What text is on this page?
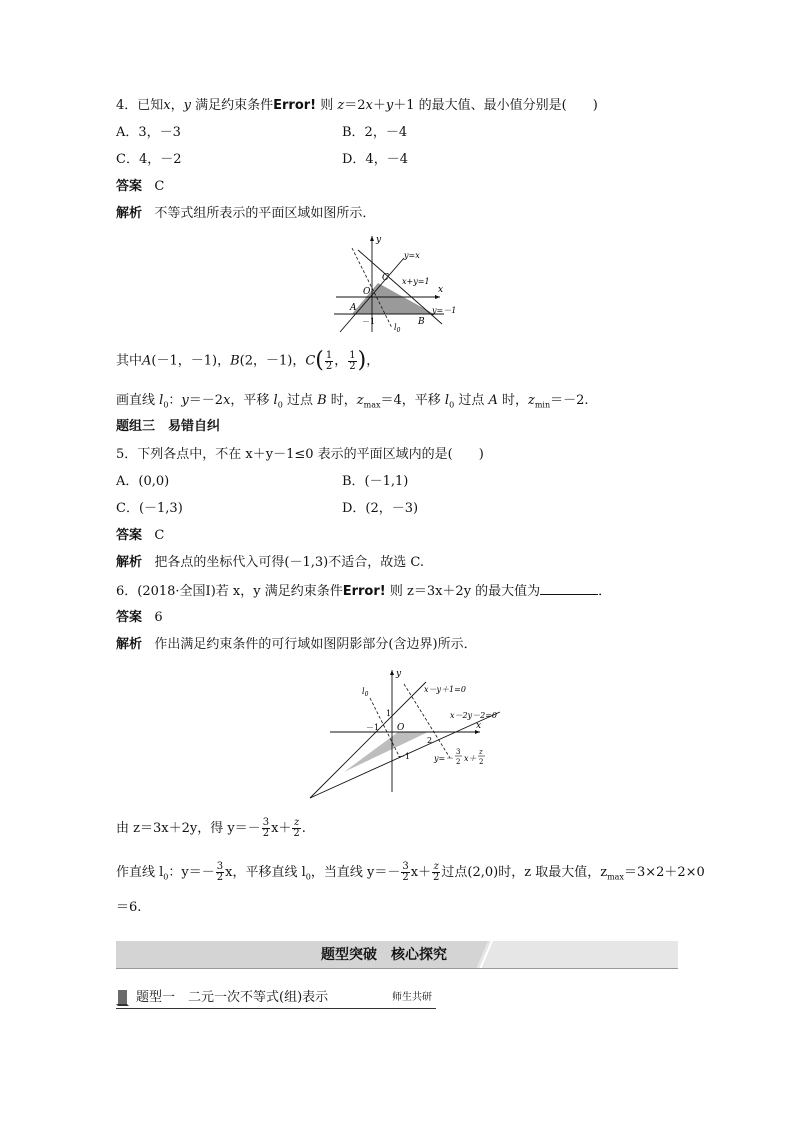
4．已知x，y 满足约束条件Error! 则 z＝2x＋y＋1 的最大值、最小值分别是(　　)
A．3，－3	B．2，－4
C．4，－2	D．4，－4
答案 C
解析 不等式组所表示的平面区域如图所示．
y
x
O
A
B
C
－1
$l_0$
y=x
x+y=1
y=－1
其中A(－1，－1)，B(2，－1)，$C( \frac{1}{2}$ ， $\frac{1}{2}$ )，
画直线 $l_0$：y＝－2x，平移 $l_0$ 过点 B 时，$z_{max}=4$，平移 $l_0$ 过点 A 时，$z_{min}=-2$.
题组三　易错自纠
5．下列各点中，不在 x＋y－1≤0 表示的平面区域内的是(　　)
A．(0,0)	B．(－1,1)
C．(－1,3)	D．(2，－3)
答案 C
解析 把各点的坐标代入可得(－1,3)不适合，故选 C.
6．(2018·全国Ⅰ)若 x，y 满足约束条件Error! 则 z＝3x＋2y 的最大值为	．
答案 6
解析 作出满足约束条件的可行域如图阴影部分(含边界)所示．
y
x
O
$l_0$
1
－1
－1
2
x－y＋1=0
x－2y－2=0
y=－
3
2 x＋
z
2
由 z＝3x＋2y，得 $y=- \frac{3}{2} x+ \frac{z}{2}$ .
作直线 $l_0$：$y=- \frac{3}{2}$ x，平移直线 $l_0$，当直线 $y=- \frac{3}{2} x+ \frac{z}{2}$ 过点(2,0)时，z 取最大值，$z_{max}=3\times 2+2\times 0$
＝6.
题型突破　核心探究
题型一　二元一次不等式(组)表示	师生共研
